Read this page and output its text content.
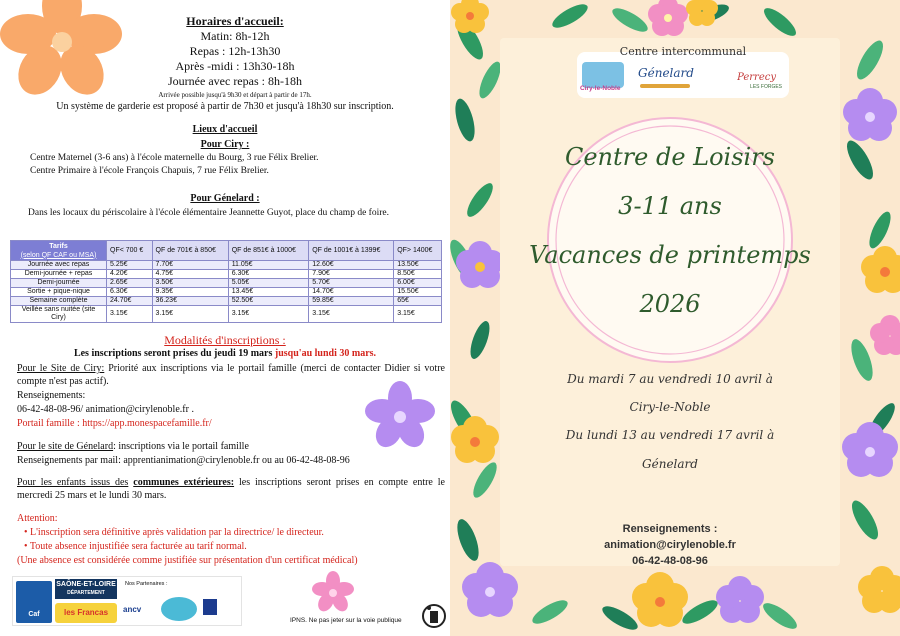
Horaires d'accueil:
Matin: 8h-12h
Repas : 12h-13h30
Après -midi : 13h30-18h
Journée avec repas : 8h-18h
Arrivée possible jusqu'à 9h30 et départ à partir de 17h.
Un système de garderie est proposé à partir de 7h30 et jusqu'à 18h30 sur inscription.
Lieux d'accueil
Pour Ciry :
Centre Maternel (3-6 ans) à l'école maternelle du Bourg, 3 rue Félix Brelier.
Centre Primaire à l'école François Chapuis, 7 rue Félix Brelier.
Pour Génelard :
Dans les locaux du périscolaire à l'école élémentaire Jeannette Guyot, place du champ de foire.
Tarifs
(selon QF CAF ou MSA)	QF< 700 €	QF de 701€ à 850€	QF de 851€ à 1000€	QF de 1001€ à 1399€	QF> 1400€
Journée avec repas	5.25€	7.70€	11.05€	12.60€	13.50€
Demi-journée + repas	4.20€	4.75€	6.30€	7.90€	8.50€
Demi-journée	2.65€	3.50€	5.05€	5.70€	6.00€
Sortie + pique-nique	6.30€	9.35€	13.45€	14.70€	15.50€
Semaine complète	24.70€	36.23€	52.50€	59.85€	65€
Veillée sans nuitée (site Ciry)	3.15€	3.15€	3.15€	3.15€	3.15€
Modalités d'inscriptions :
Les inscriptions seront prises du jeudi 19 mars jusqu'au lundi 30 mars.
Pour le Site de Ciry: Priorité aux inscriptions via le portail famille (merci de contacter Didier si votre compte n'est pas actif).
Renseignements:
06-42-48-08-96/ animation@cirylenoble.fr .
Portail famille : https://app.monespacefamille.fr/
Pour le site de Génelard: inscriptions via le portail famille
Renseignements par mail: apprentianimation@cirylenoble.fr ou au 06-42-48-08-96
Pour les enfants issus des communes extérieures: les inscriptions seront prises en compte entre le mercredi 25 mars et le lundi 30 mars.
Attention:
• L'inscription sera définitive après validation par la directrice/ le directeur.
• Toute absence injustifiée sera facturée au tarif normal.
(Une absence est considérée comme justifiée sur présentation d'un certificat médical)
Caf
SAÔNE-ET-LOIRE
DÉPARTEMENT
les Francas
Nos Partenaires :
ancv
IPNS. Ne pas jeter sur la voie publique
Centre intercommunal
Ciry-le-Noble
Génelard	Perrecy
LES FORGES
Centre de Loisirs
3-11 ans
Vacances de printemps
2026
Du mardi 7 au vendredi 10 avril à
Ciry-le-Noble
Du lundi 13 au vendredi 17 avril à
Génelard
Renseignements :
animation@cirylenoble.fr
06-42-48-08-96
